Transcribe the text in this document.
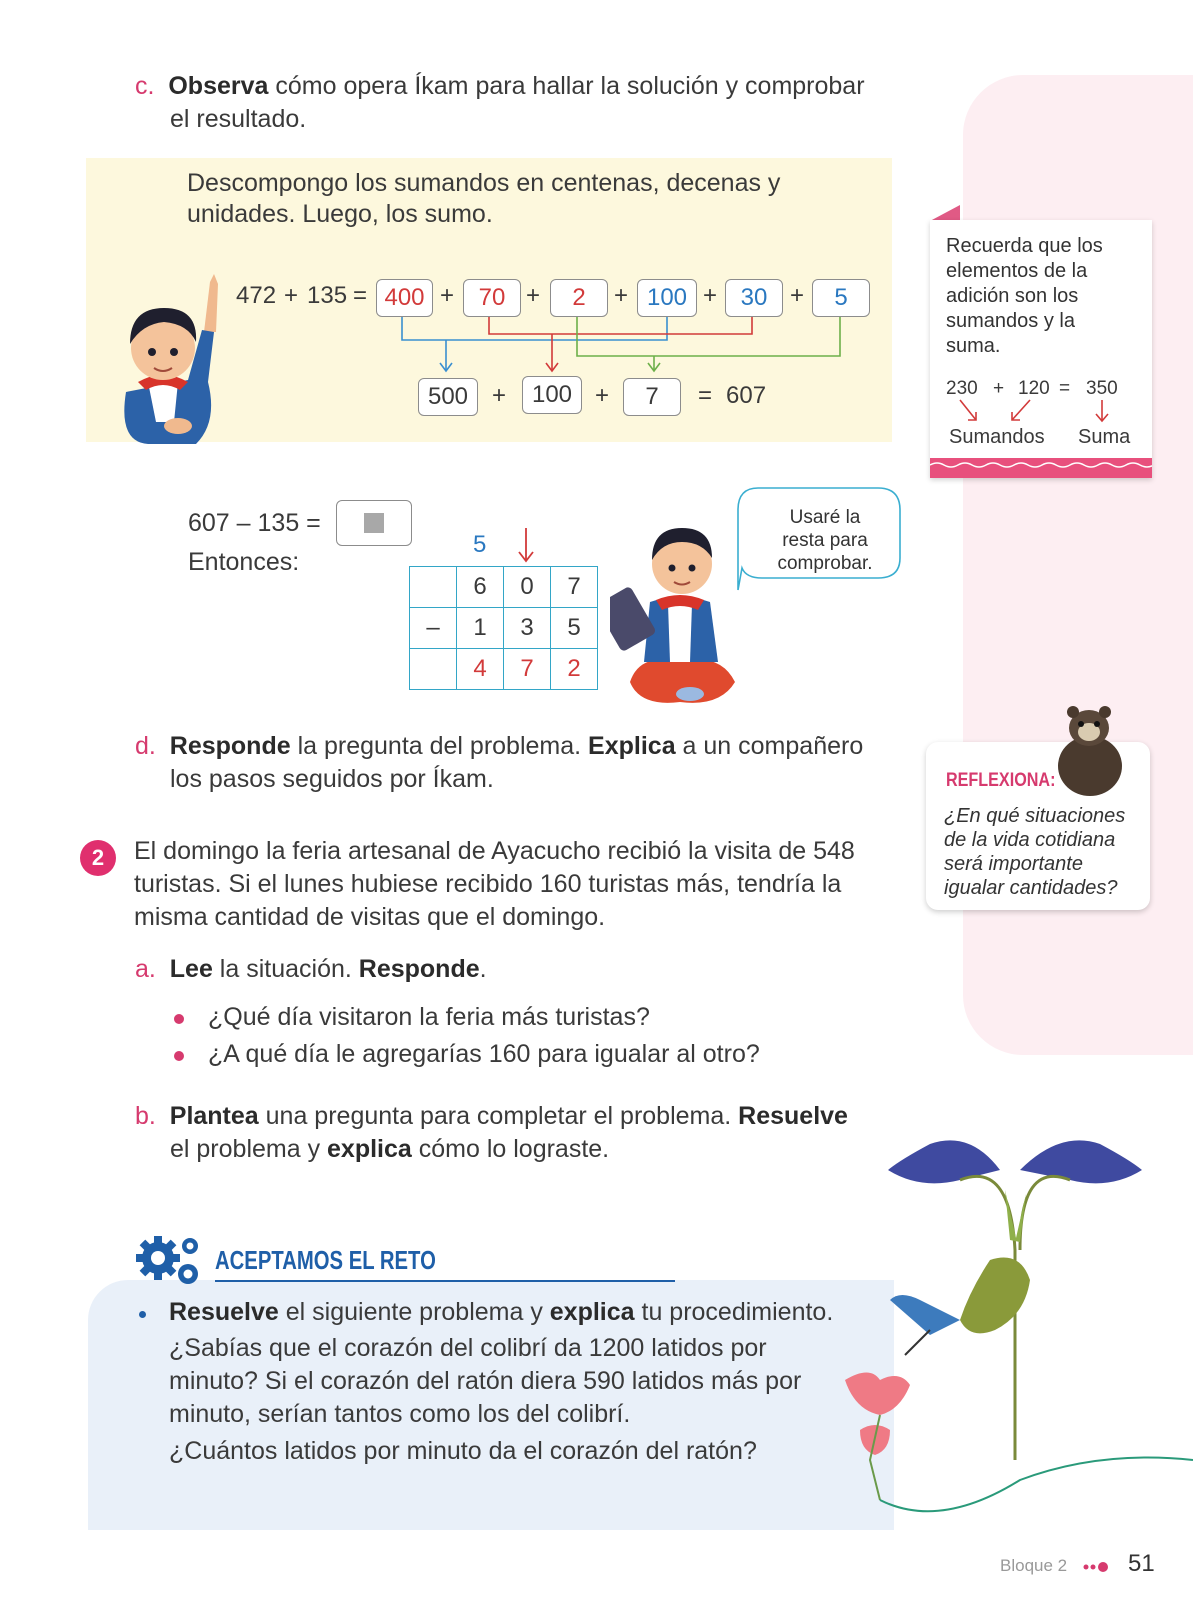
c. Observa cómo opera Íkam para hallar la solución y comprobar
el resultado.
Descompongo los sumandos en centenas, decenas y
unidades. Luego, los sumo.
472 + 135 = 400 +	70 +	2	+ 100 + 30 +	5
500 +	100 +	7	= 607
Recuerda que los
elementos de la
adición son los
sumandos y la
suma.
230 + 120 = 350
Sumandos Suma
607 – 135 =
Entonces:
5
	6	0	7
–	1	3	5
	4	7	2
Usaré la
resta para
comprobar.
d. Responde la pregunta del problema. Explica a un compañero
los pasos seguidos por Íkam.	REFLEXIONA:
¿En qué situaciones
de la vida cotidiana
será importante
igualar cantidades?
2	El domingo la feria artesanal de Ayacucho recibió la visita de 548
turistas. Si el lunes hubiese recibido 160 turistas más, tendría la
misma cantidad de visitas que el domingo.
a. Lee la situación. Responde.
¿Qué día visitaron la feria más turistas?
¿A qué día le agregarías 160 para igualar al otro?
b. Plantea una pregunta para completar el problema. Resuelve
el problema y explica cómo lo lograste.
ACEPTAMOS EL RETO
Resuelve el siguiente problema y explica tu procedimiento.
¿Sabías que el corazón del colibrí da 1200 latidos por
minuto? Si el corazón del ratón diera 590 latidos más por
minuto, serían tantos como los del colibrí.
¿Cuántos latidos por minuto da el corazón del ratón?
Bloque 2	51
